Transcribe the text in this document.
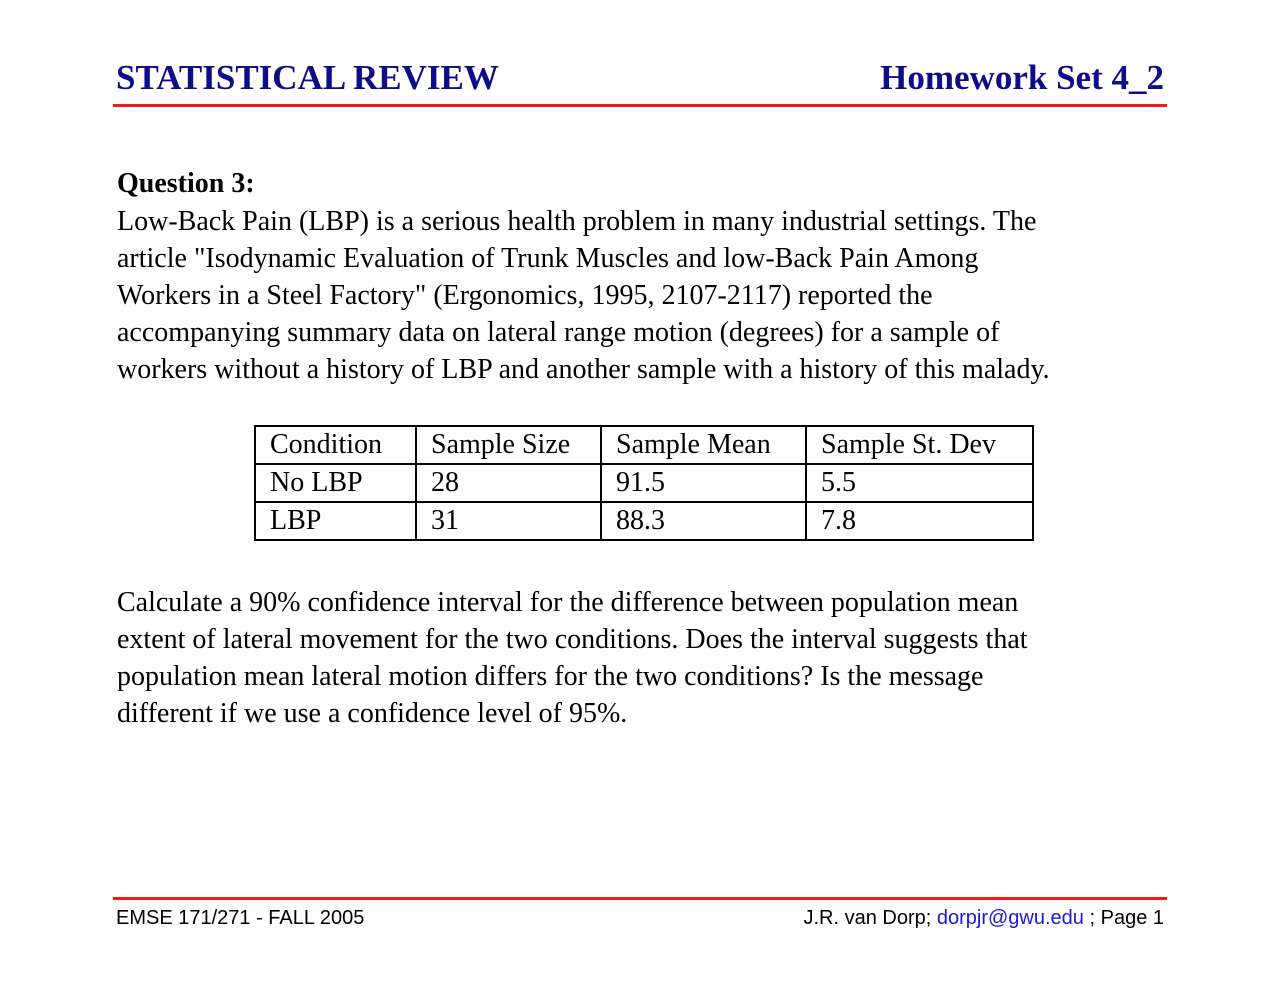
STATISTICAL REVIEW	Homework Set 4_2
Question 3:
Low-Back Pain (LBP) is a serious health problem in many industrial settings. The
article "Isodynamic Evaluation of Trunk Muscles and low-Back Pain Among
Workers in a Steel Factory" (Ergonomics, 1995, 2107-2117) reported the
accompanying summary data on lateral range motion (degrees) for a sample of
workers without a history of LBP and another sample with a history of this malady.
Condition	Sample Size	Sample Mean	Sample St. Dev
No LBP	28	91.5	5.5
LBP	31	88.3	7.8
Calculate a 90% confidence interval for the difference between population mean
extent of lateral movement for the two conditions. Does the interval suggests that
population mean lateral motion differs for the two conditions? Is the message
different if we use a confidence level of 95%.
EMSE 171/271 - FALL 2005	J.R. van Dorp; dorpjr@gwu.edu ; Page 1
